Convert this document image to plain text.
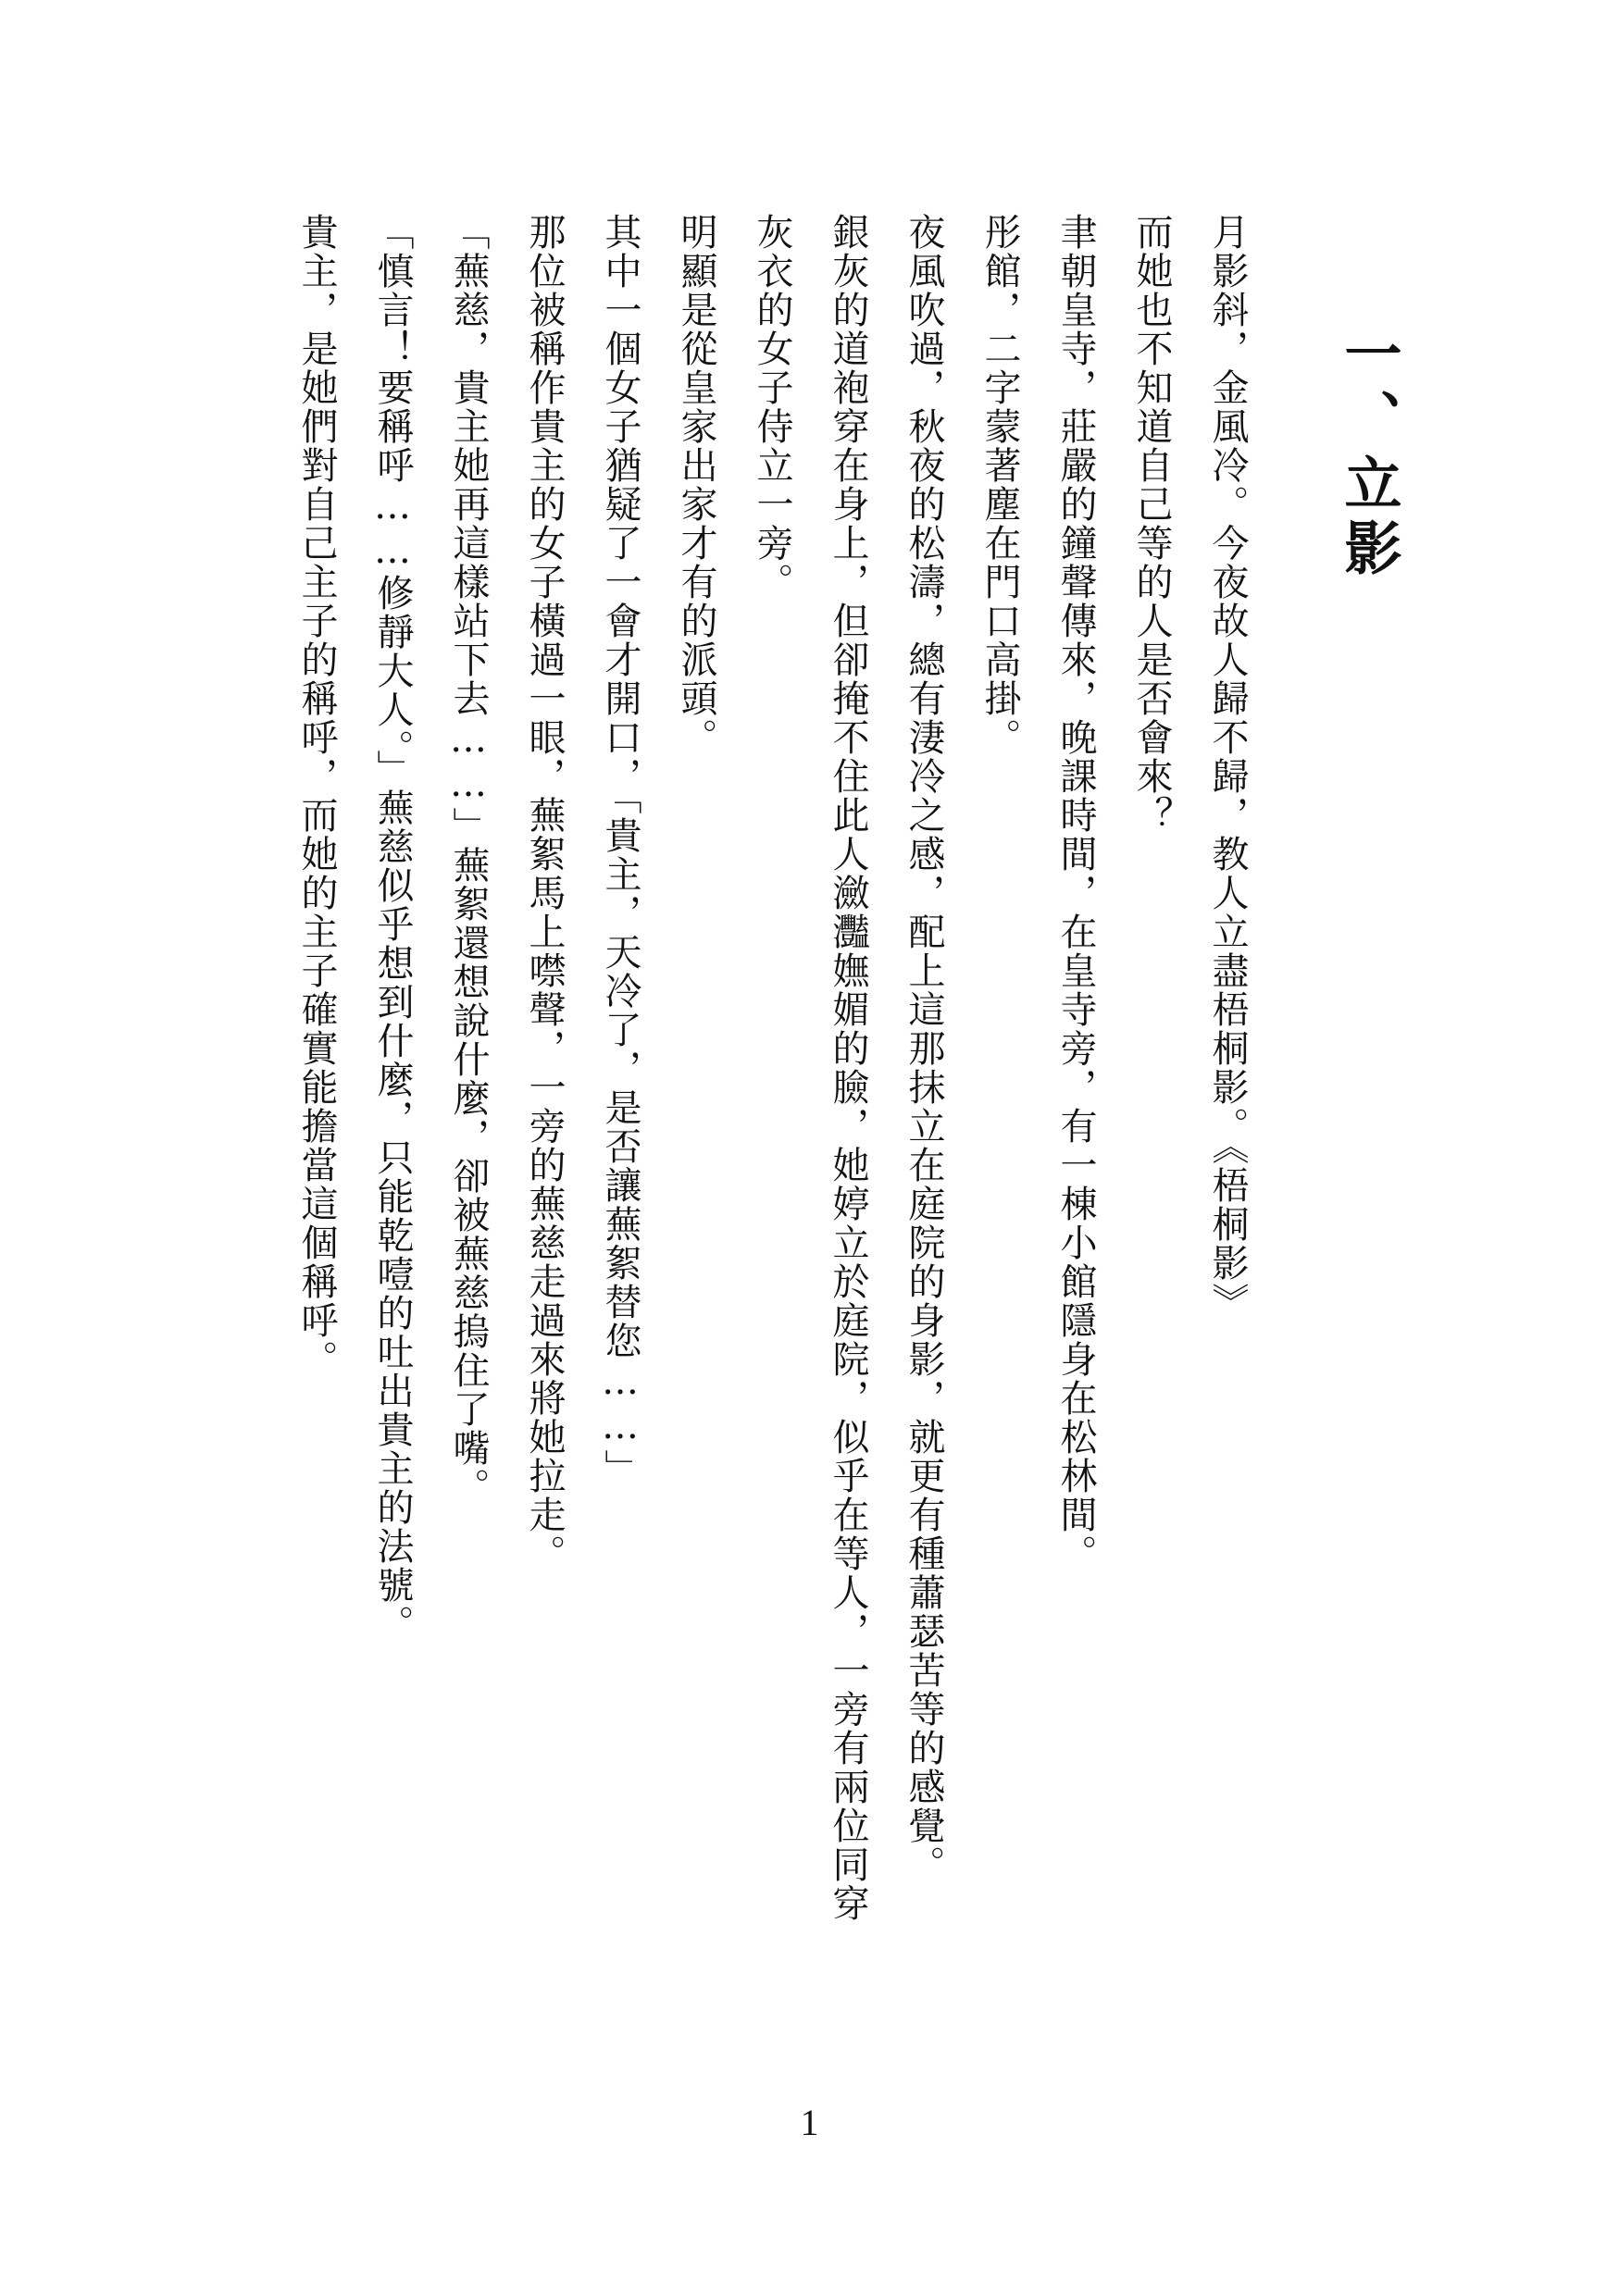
一、立影

月影斜，金風冷。今夜故人歸不歸，教人立盡梧桐影。《梧桐影》

而她也不知道自己等的人是否會來？

聿朝皇寺，莊嚴的鐘聲傳來，晚課時間，在皇寺旁，有一棟小館隱身在松林間。

彤館，二字蒙著塵在門口高掛。

夜風吹過，秋夜的松濤，總有淒冷之感，配上這那抹立在庭院的身影，就更有種蕭瑟苦等的感覺。

銀灰的道袍穿在身上，但卻掩不住此人瀲灩嫵媚的臉，她婷立於庭院，似乎在等人，一旁有兩位同穿

灰衣的女子侍立一旁。

明顯是從皇家出家才有的派頭。

其中一個女子猶疑了一會才開口，「貴主，天冷了，是否讓蕪絮替您……」

那位被稱作貴主的女子橫過一眼，蕪絮馬上噤聲，一旁的蕪慈走過來將她拉走。

「蕪慈，貴主她再這樣站下去……」蕪絮還想說什麼，卻被蕪慈摀住了嘴。

「慎言！要稱呼……修靜大人。」蕪慈似乎想到什麼，只能乾噎的吐出貴主的法號。

貴主，是她們對自己主子的稱呼，而她的主子確實能擔當這個稱呼。

1
